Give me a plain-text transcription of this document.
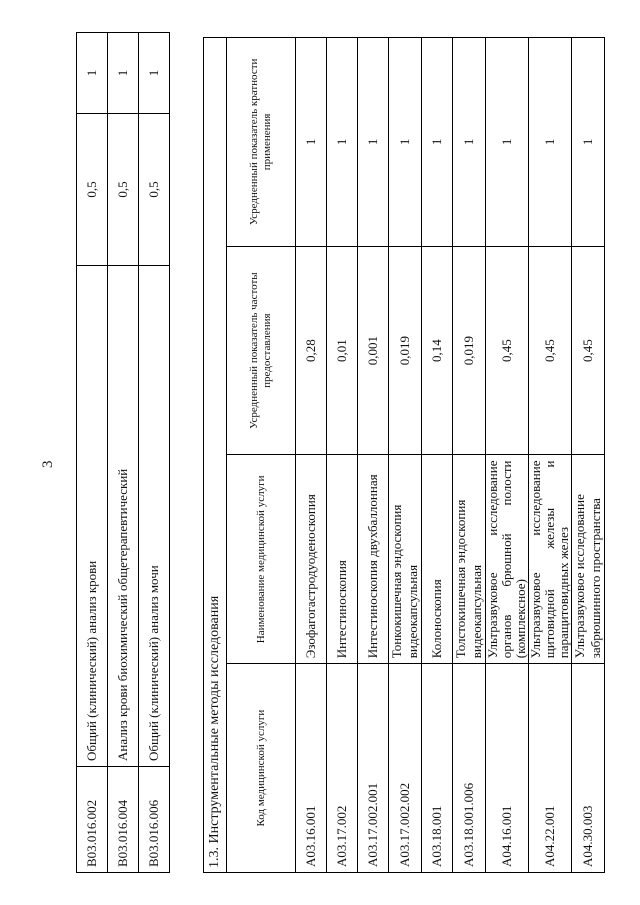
3
B03.016.002	Общий (клинический) анализ крови	0,5	1
B03.016.004	Анализ крови биохимический общетерапевтический	0,5	1
B03.016.006	Общий (клинический) анализ мочи	0,5	1
1.3. Инструментальные методы исследования			
Код медицинской услуги	Наименование медицинской услуги	Усредненный показатель частоты предоставления	Усредненный показатель кратности применения
A03.16.001	Эзофагогастродуоденоскопия	0,28	1
A03.17.002	Интестиноскопия	0,01	1
A03.17.002.001	Интестиноскопия двухбаллонная	0,001	1
A03.17.002.002	Тонкокишечная эндоскопия видеокапсульная	0,019	1
A03.18.001	Колоноскопия	0,14	1
A03.18.001.006	Толстокишечная эндоскопия видеокапсульная	0,019	1
A04.16.001	Ультразвуковое исследование органов брюшной полости (комплексное)	0,45	1
A04.22.001	Ультразвуковое исследование щитовидной железы и паращитовидных желез	0,45	1
A04.30.003	Ультразвуковое исследование забрюшинного пространства	0,45	1
